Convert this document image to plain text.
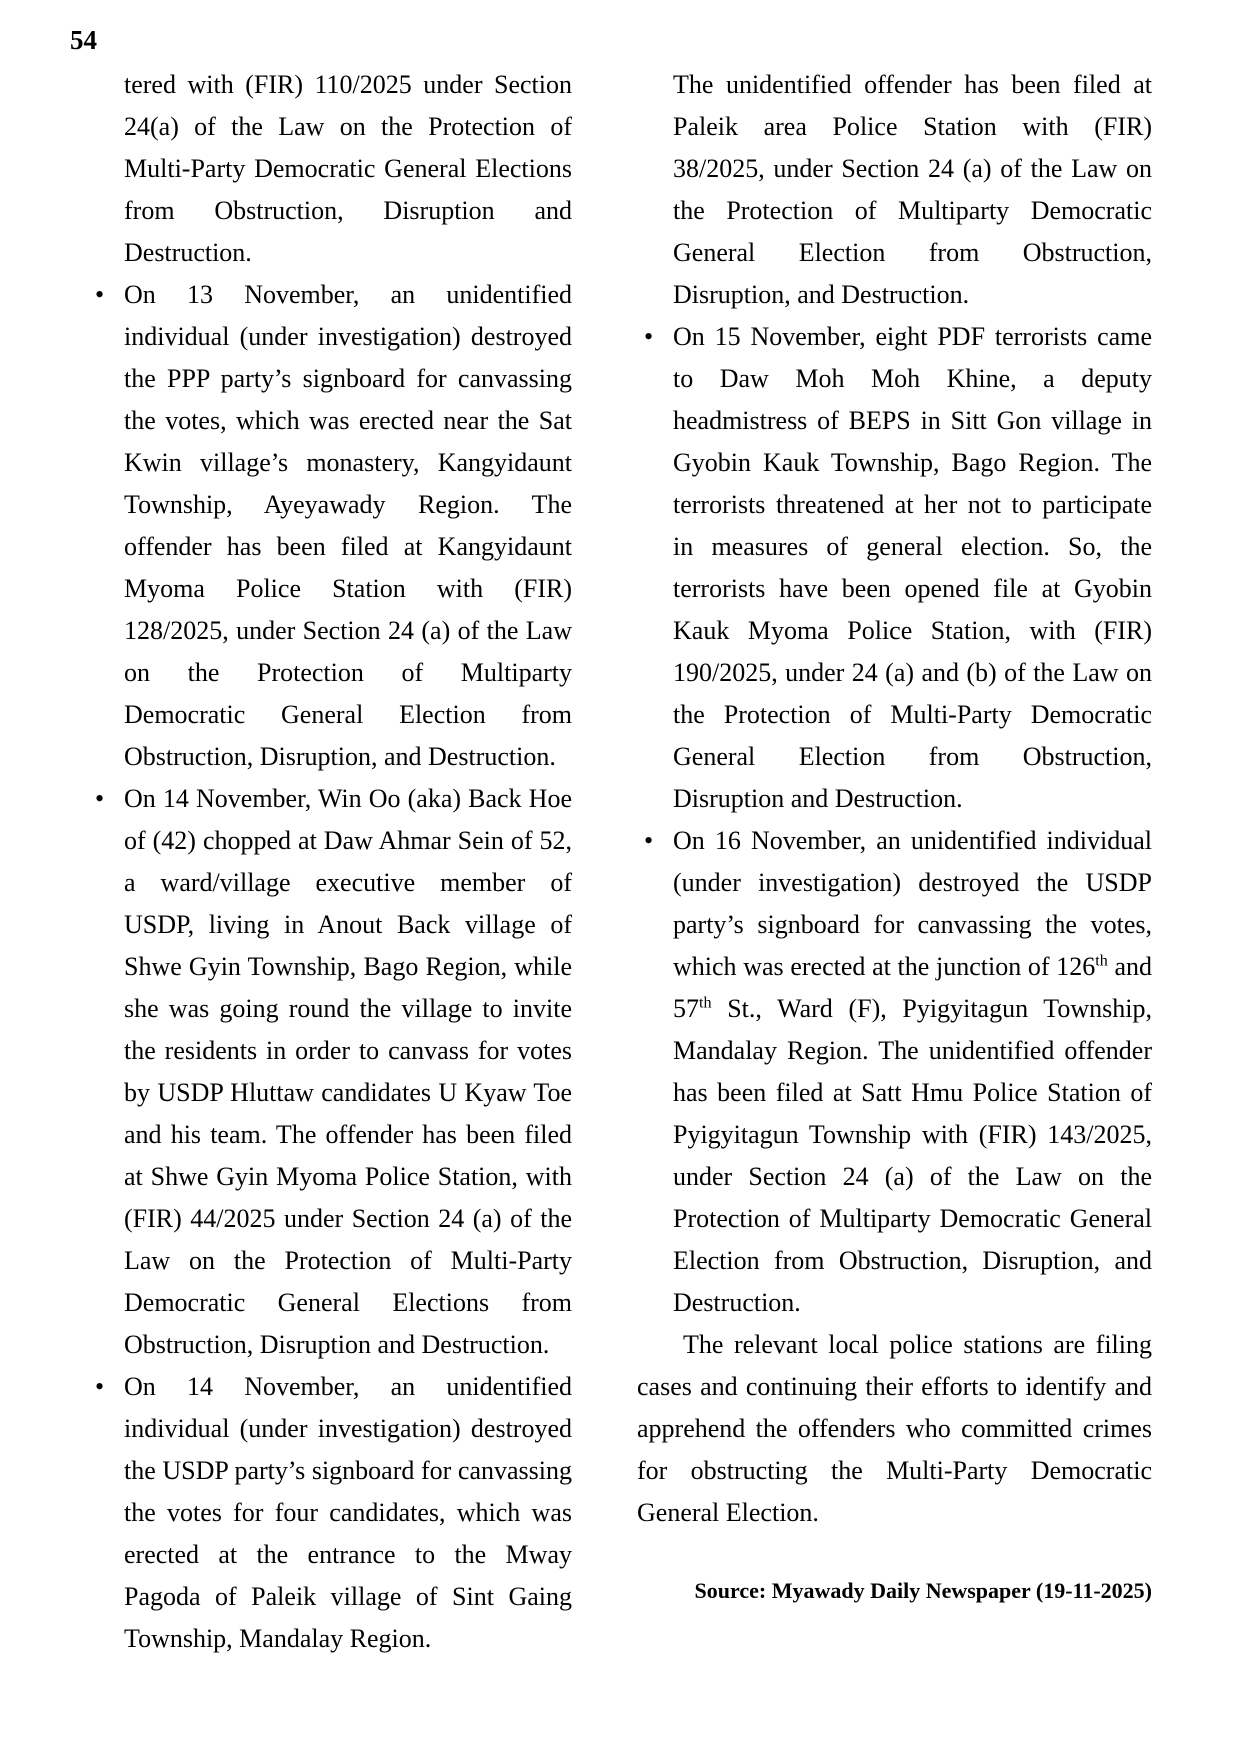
54

tered with (FIR) 110/2025 under Section 24(a) of the Law on the Protection of Multi-Party Democratic General Elections from Obstruction, Disruption and Destruction.

• On 13 November, an unidentified individual (under investigation) destroyed the PPP party’s signboard for canvassing the votes, which was erected near the Sat Kwin village’s monastery, Kangyidaunt Township, Ayeyawady Region. The offender has been filed at Kangyidaunt Myoma Police Station with (FIR) 128/2025, under Section 24 (a) of the Law on the Protection of Multiparty Democratic General Election from Obstruction, Disruption, and Destruction.
• On 14 November, Win Oo (aka) Back Hoe of (42) chopped at Daw Ahmar Sein of 52, a ward/village executive member of USDP, living in Anout Back village of Shwe Gyin Township, Bago Region, while she was going round the village to invite the residents in order to canvass for votes by USDP Hluttaw candidates U Kyaw Toe and his team. The offender has been filed at Shwe Gyin Myoma Police Station, with (FIR) 44/2025 under Section 24 (a) of the Law on the Protection of Multi-Party Democratic General Elections from Obstruction, Disruption and Destruction.
• On 14 November, an unidentified individual (under investigation) destroyed the USDP party’s signboard for canvassing the votes for four candidates, which was erected at the entrance to the Mway Pagoda of Paleik village of Sint Gaing Township, Mandalay Region.

The unidentified offender has been filed at Paleik area Police Station with (FIR) 38/2025, under Section 24 (a) of the Law on the Protection of Multiparty Democratic General Election from Obstruction, Disruption, and Destruction.

• On 15 November, eight PDF terrorists came to Daw Moh Moh Khine, a deputy headmistress of BEPS in Sitt Gon village in Gyobin Kauk Township, Bago Region. The terrorists threatened at her not to participate in measures of general election. So, the terrorists have been opened file at Gyobin Kauk Myoma Police Station, with (FIR) 190/2025, under 24 (a) and (b) of the Law on the Protection of Multi-Party Democratic General Election from Obstruction, Disruption and Destruction.
• On 16 November, an unidentified individual (under investigation) destroyed the USDP party’s signboard for canvassing the votes, which was erected at the junction of 126th and 57th St., Ward (F), Pyigyitagun Township, Mandalay Region. The unidentified offender has been filed at Satt Hmu Police Station of Pyigyitagun Township with (FIR) 143/2025, under Section 24 (a) of the Law on the Protection of Multiparty Democratic General Election from Obstruction, Disruption, and Destruction.

The relevant local police stations are filing cases and continuing their efforts to identify and apprehend the offenders who committed crimes for obstructing the Multi-Party Democratic General Election.

Source: Myawady Daily Newspaper (19-11-2025)
